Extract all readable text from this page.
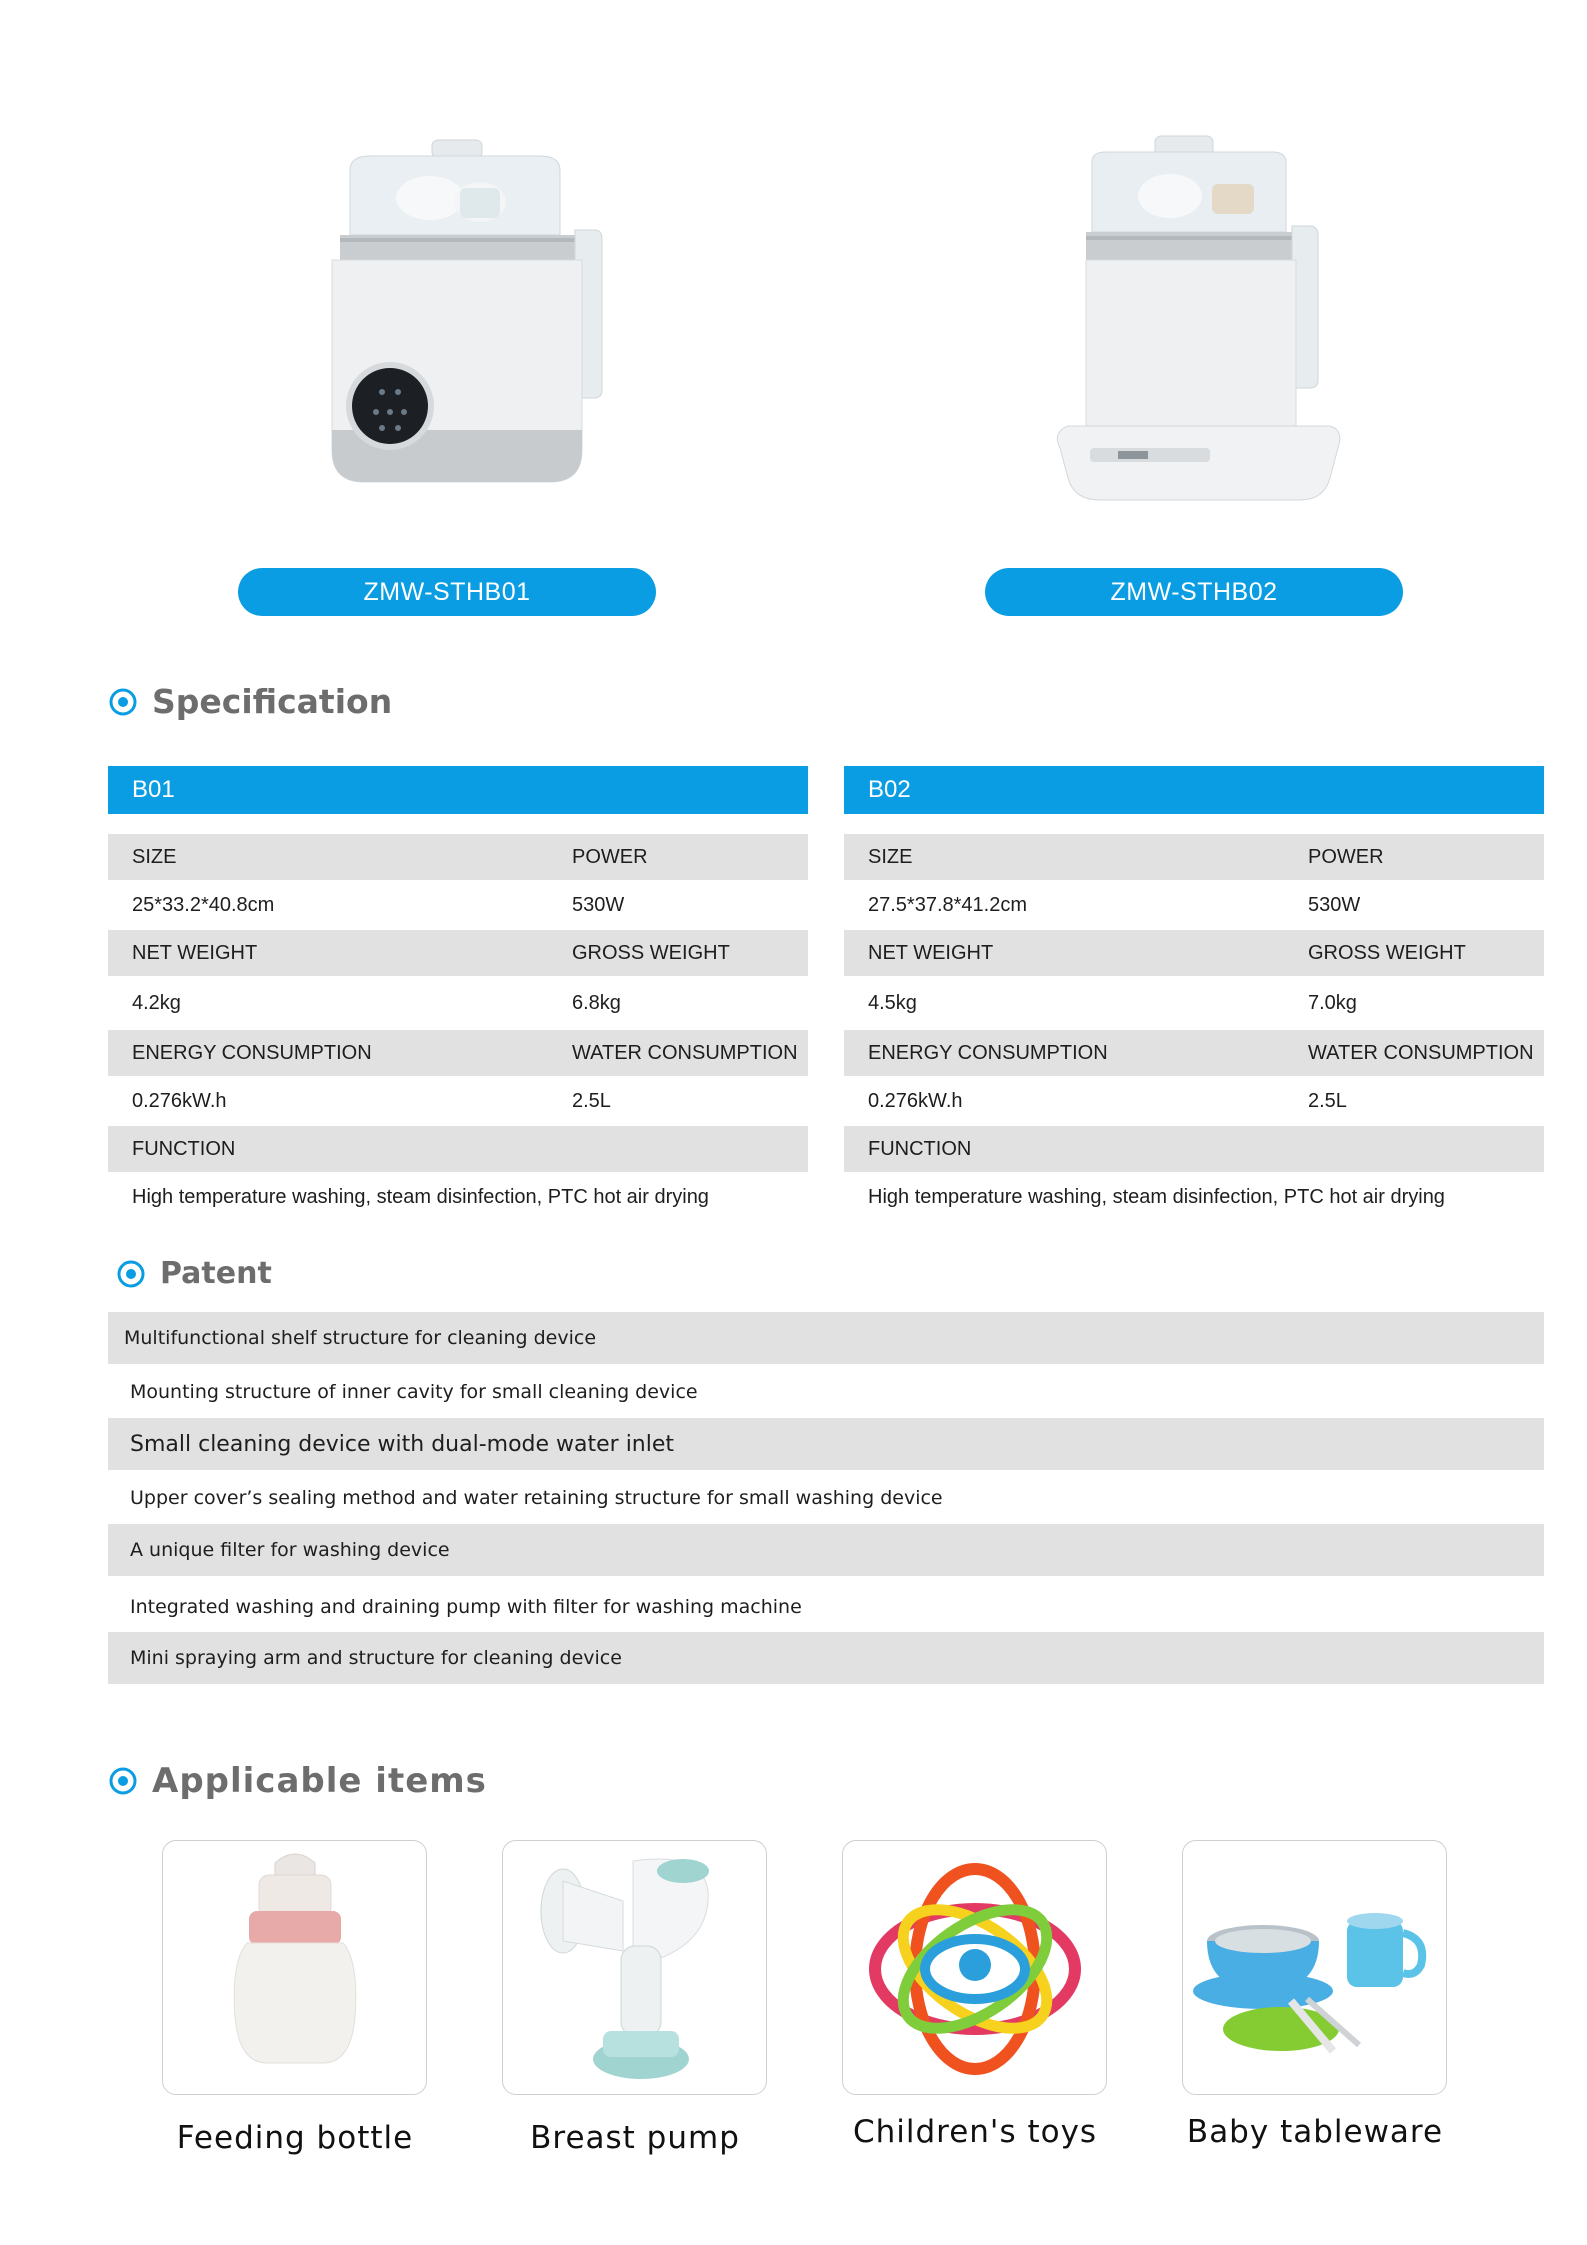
ZMW-STHB01	ZMW-STHB02
Specification
B01
SIZE	POWER
25*33.2*40.8cm	530W
NET WEIGHT	GROSS WEIGHT
4.2kg	6.8kg
ENERGY CONSUMPTION	WATER CONSUMPTION
0.276kW.h	2.5L
FUNCTION
High temperature washing, steam disinfection, PTC hot air drying
B02
SIZE	POWER
27.5*37.8*41.2cm	530W
NET WEIGHT	GROSS WEIGHT
4.5kg	7.0kg
ENERGY CONSUMPTION	WATER CONSUMPTION
0.276kW.h	2.5L
FUNCTION
High temperature washing, steam disinfection, PTC hot air drying
Patent
Multifunctional shelf structure for cleaning device
Mounting structure of inner cavity for small cleaning device
Small cleaning device with dual-mode water inlet
Upper cover’s sealing method and water retaining structure for small washing device
A unique filter for washing device
Integrated washing and draining pump with filter for washing machine
Mini spraying arm and structure for cleaning device
Applicable items
Feeding bottle	Breast pump	Children's toys	Baby tableware
